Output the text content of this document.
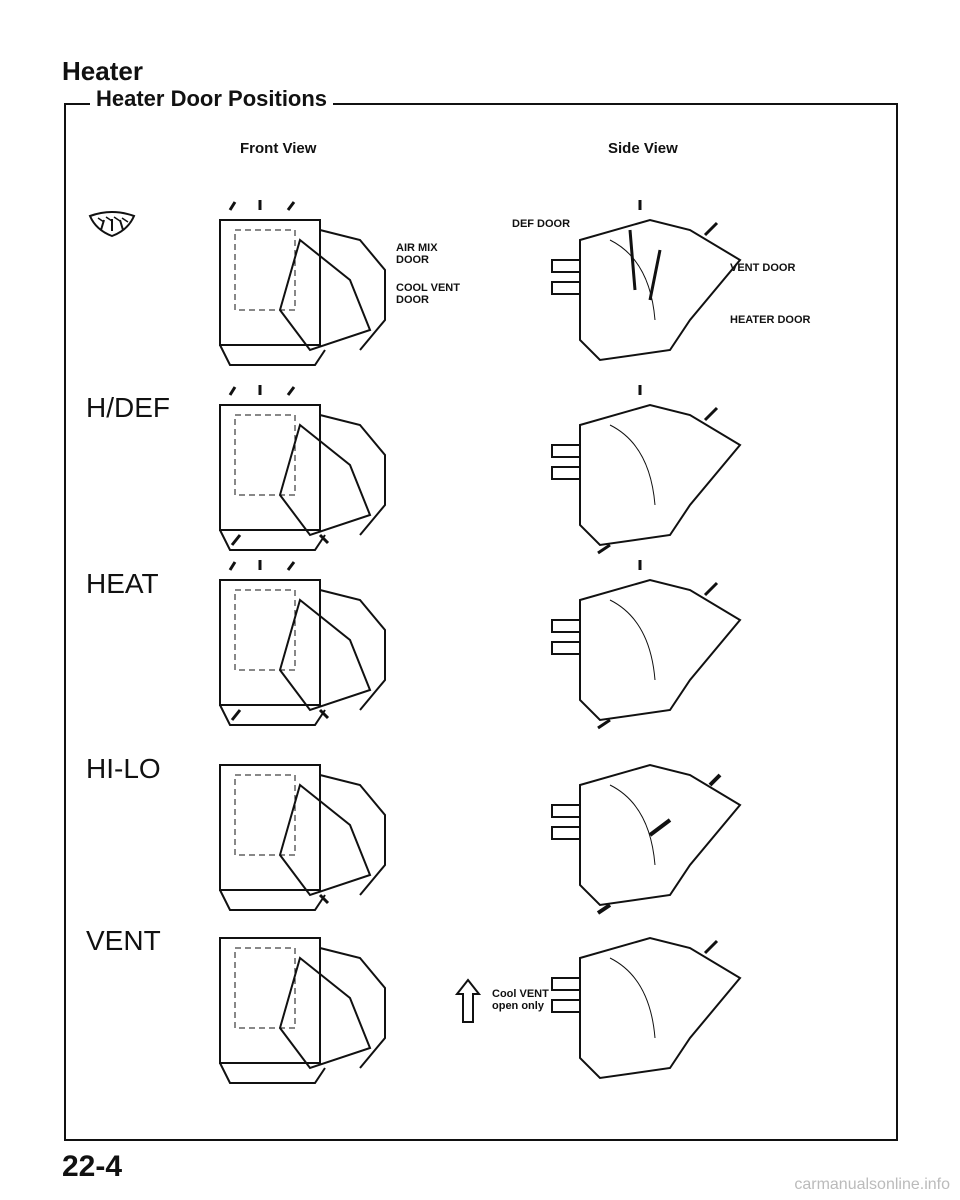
Heater
Heater Door Positions
Front View	Side View
H/DEF
HEAT
HI-LO
VENT
AIR MIX
DOOR
COOL VENT
DOOR
DEF DOOR
VENT DOOR
HEATER DOOR
Cool VENT
open only
22-4
carmanualsonline.info
